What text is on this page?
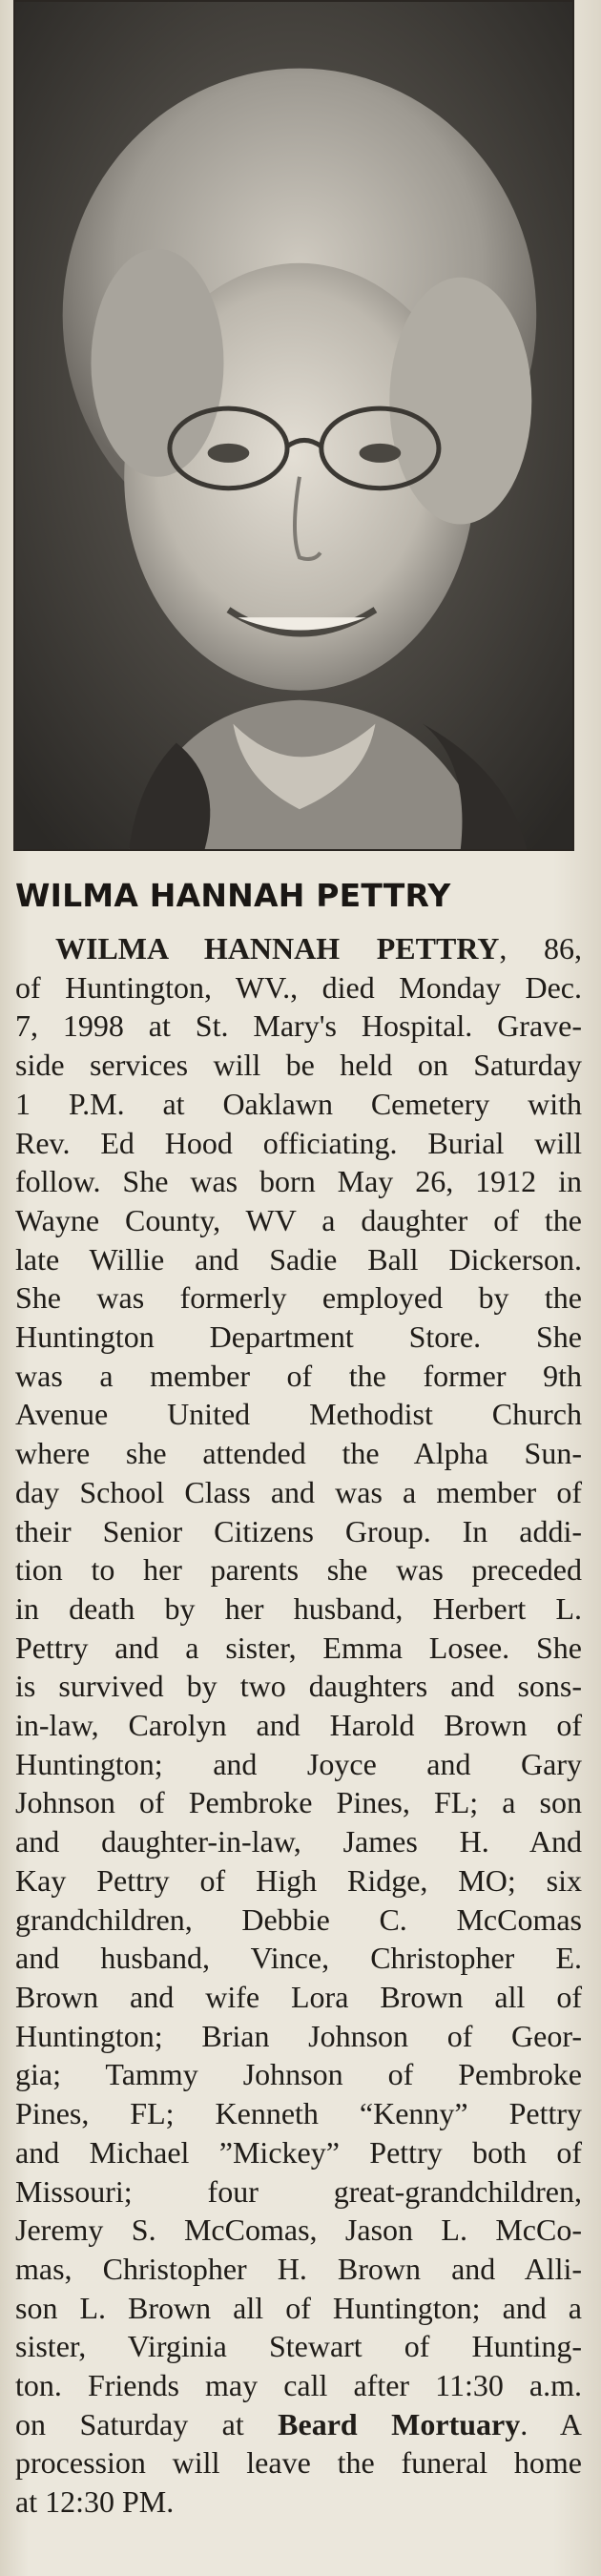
WILMA HANNAH PETTRY
WILMA HANNAH PETTRY, 86,
of Huntington, WV., died Monday Dec.
7, 1998 at St. Mary's Hospital. Grave-
side services will be held on Saturday
1 P.M. at Oaklawn Cemetery with
Rev. Ed Hood officiating. Burial will
follow. She was born May 26, 1912 in
Wayne County, WV a daughter of the
late Willie and Sadie Ball Dickerson.
She was formerly employed by the
Huntington Department Store. She
was a member of the former 9th
Avenue United Methodist Church
where she attended the Alpha Sun-
day School Class and was a member of
their Senior Citizens Group. In addi-
tion to her parents she was preceded
in death by her husband, Herbert L.
Pettry and a sister, Emma Losee. She
is survived by two daughters and sons-
in-law, Carolyn and Harold Brown of
Huntington; and Joyce and Gary
Johnson of Pembroke Pines, FL; a son
and daughter-in-law, James H. And
Kay Pettry of High Ridge, MO; six
grandchildren, Debbie C. McComas
and husband, Vince, Christopher E.
Brown and wife Lora Brown all of
Huntington; Brian Johnson of Geor-
gia; Tammy Johnson of Pembroke
Pines, FL; Kenneth “Kenny” Pettry
and Michael ”Mickey” Pettry both of
Missouri; four great-grandchildren,
Jeremy S. McComas, Jason L. McCo-
mas, Christopher H. Brown and Alli-
son L. Brown all of Huntington; and a
sister, Virginia Stewart of Hunting-
ton. Friends may call after 11:30 a.m.
on Saturday at Beard Mortuary. A
procession will leave the funeral home
at 12:30 PM.
